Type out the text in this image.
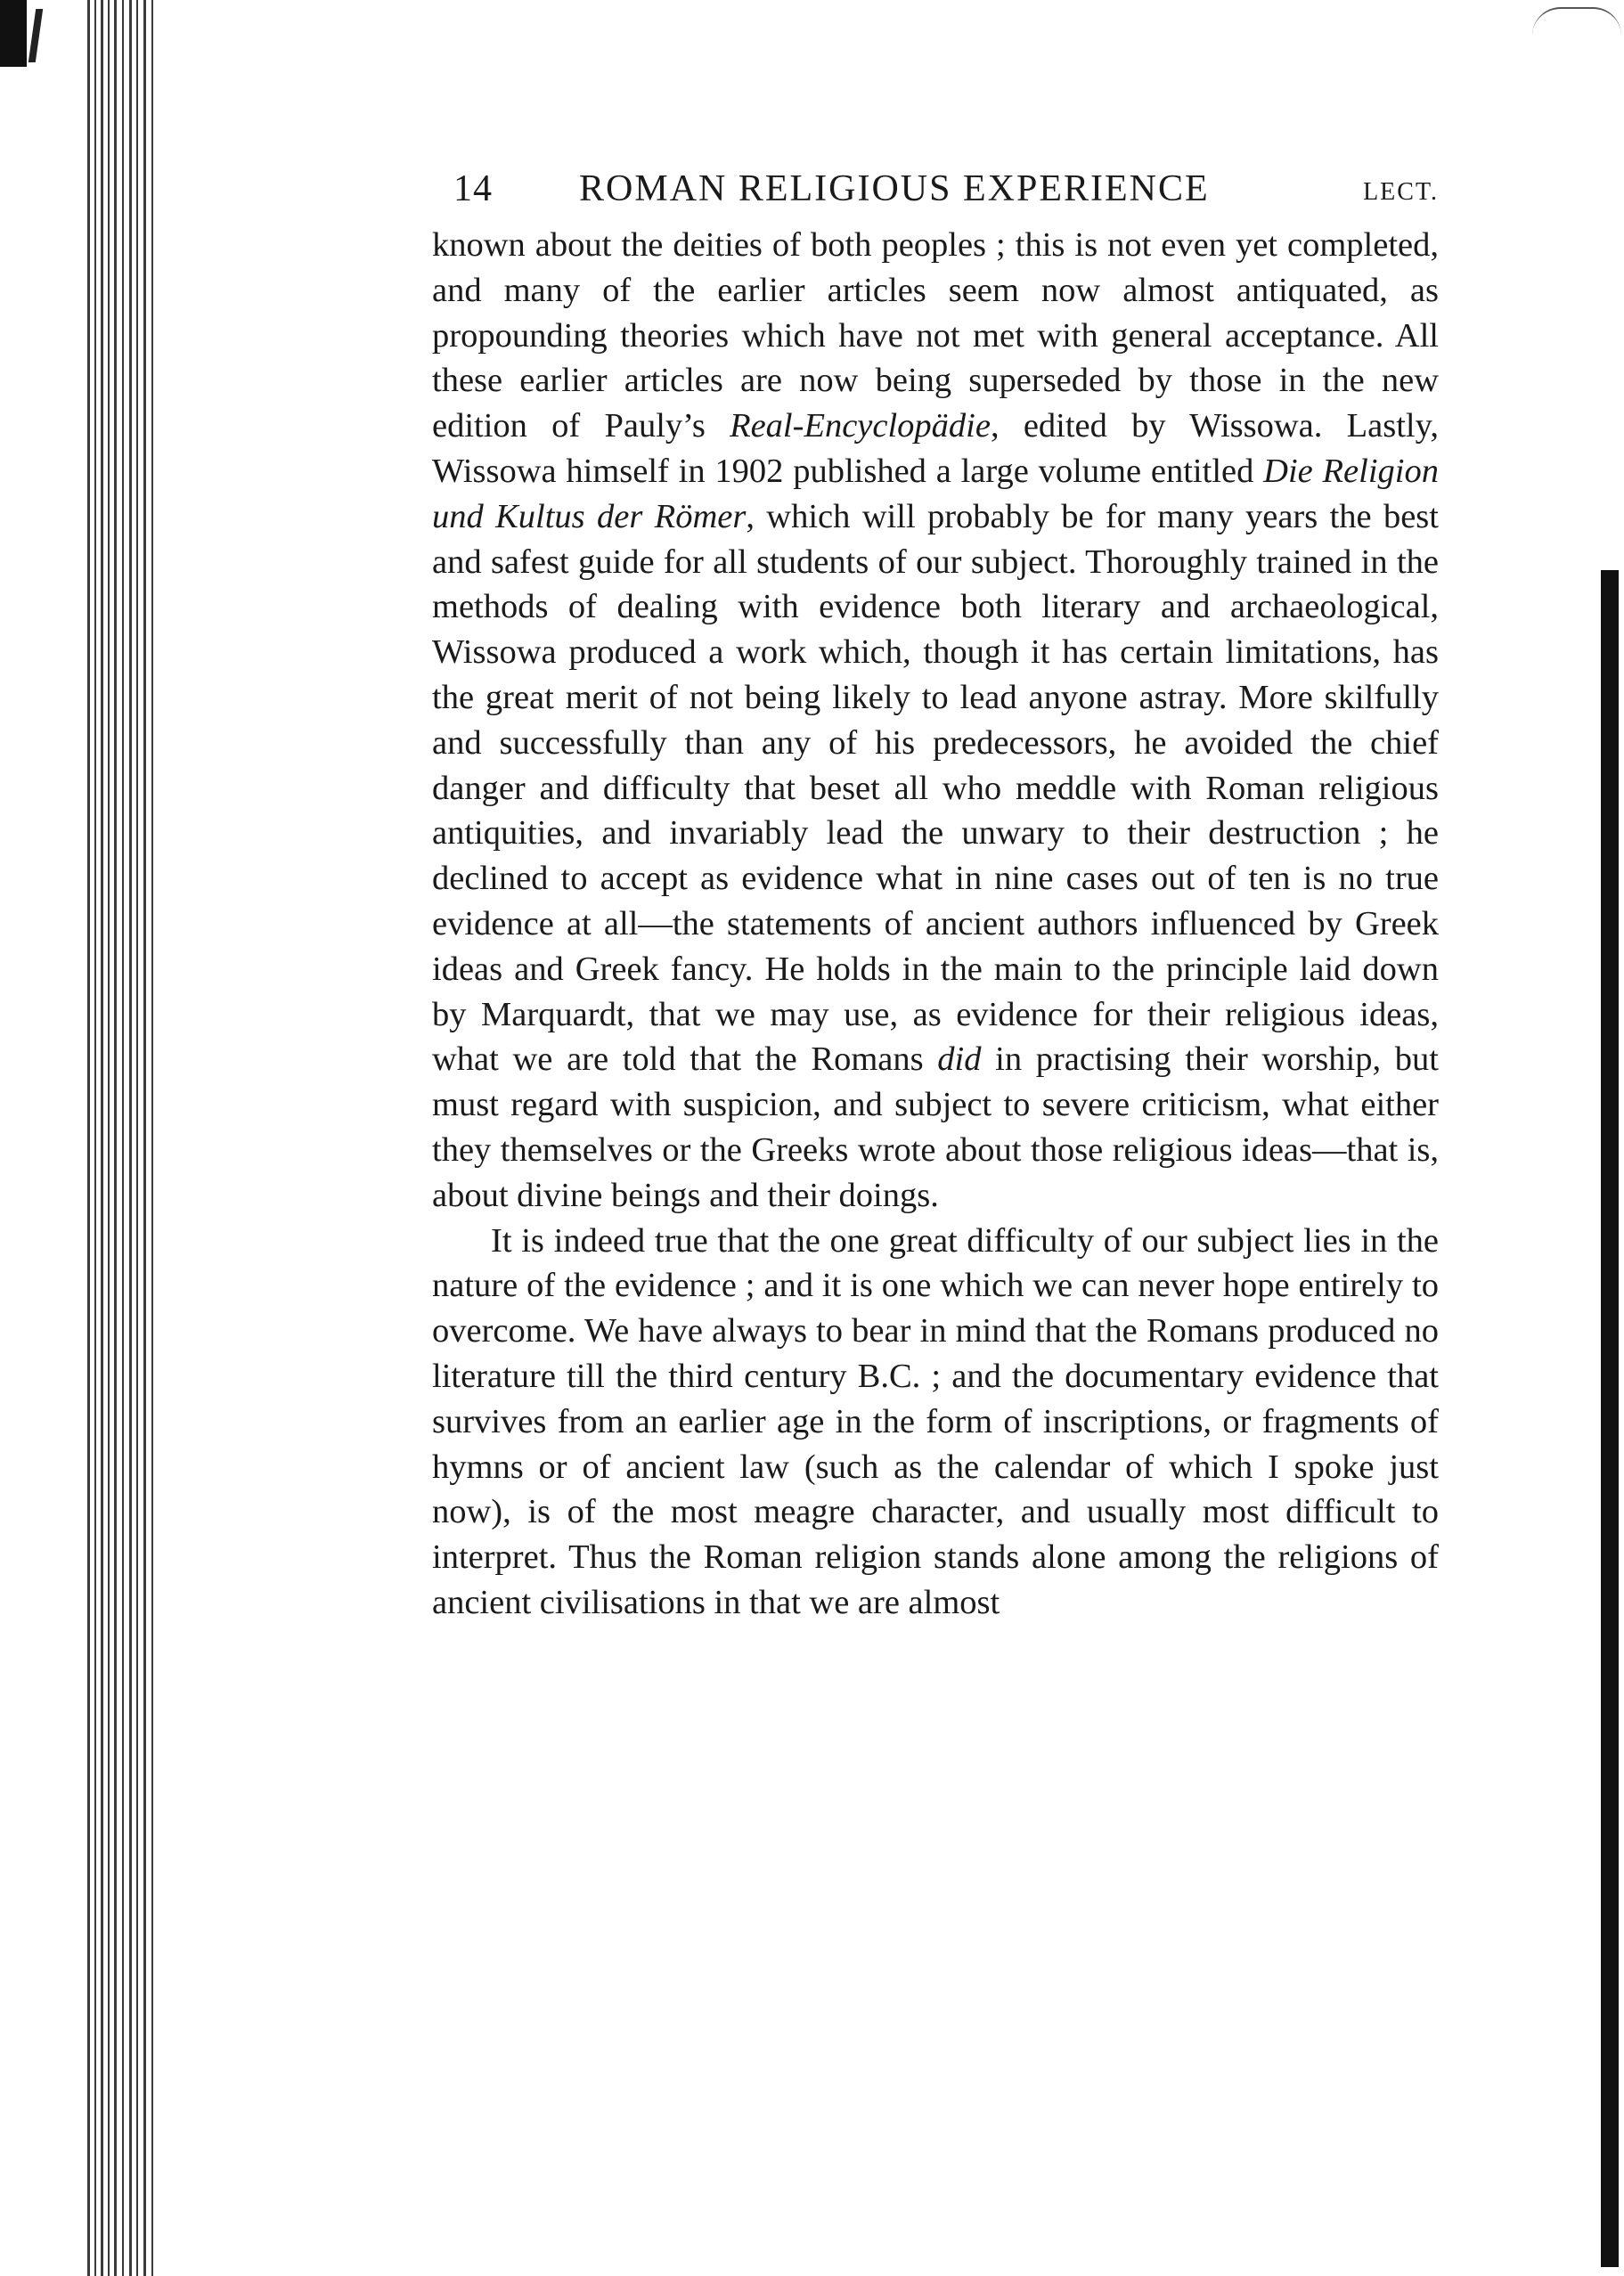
14 ROMAN RELIGIOUS EXPERIENCE	LECT.

known about the deities of both peoples ; this is not even yet completed, and many of the earlier articles seem now almost antiquated, as propounding theories which have not met with general acceptance. All these earlier articles are now being superseded by those in the new edition of Pauly’s Real-Encyclopädie, edited by Wissowa. Lastly, Wissowa himself in 1902 published a large volume entitled Die Religion und Kultus der Römer, which will probably be for many years the best and safest guide for all students of our subject. Thoroughly trained in the methods of dealing with evidence both literary and archaeological, Wissowa produced a work which, though it has certain limitations, has the great merit of not being likely to lead anyone astray. More skilfully and successfully than any of his predecessors, he avoided the chief danger and difficulty that beset all who meddle with Roman religious antiquities, and invariably lead the unwary to their destruction ; he declined to accept as evidence what in nine cases out of ten is no true evidence at all—the statements of ancient authors influenced by Greek ideas and Greek fancy. He holds in the main to the principle laid down by Marquardt, that we may use, as evidence for their religious ideas, what we are told that the Romans did in practising their worship, but must regard with suspicion, and subject to severe criticism, what either they themselves or the Greeks wrote about those religious ideas—that is, about divine beings and their doings.

It is indeed true that the one great difficulty of our subject lies in the nature of the evidence ; and it is one which we can never hope entirely to overcome. We have always to bear in mind that the Romans produced no literature till the third century B.C. ; and the documentary evidence that survives from an earlier age in the form of inscriptions, or fragments of hymns or of ancient law (such as the calendar of which I spoke just now), is of the most meagre character, and usually most difficult to interpret. Thus the Roman religion stands alone among the religions of ancient civilisations in that we are almost
